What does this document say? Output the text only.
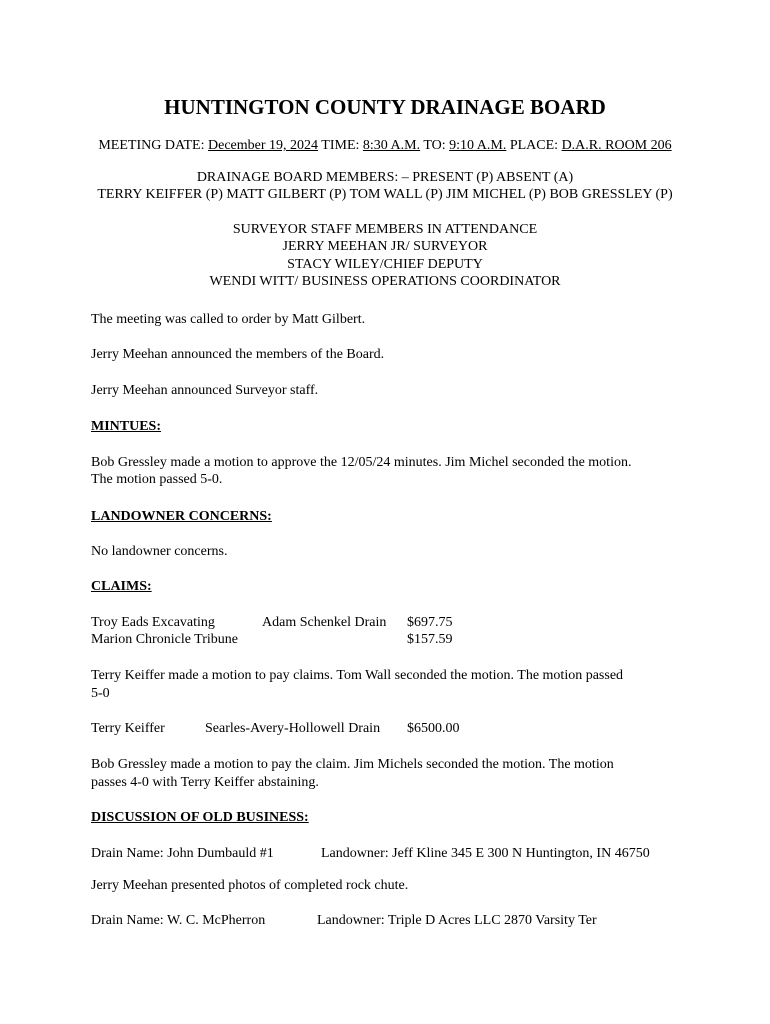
HUNTINGTON COUNTY DRAINAGE BOARD
MEETING DATE: December 19, 2024 TIME: 8:30 A.M. TO: 9:10 A.M. PLACE: D.A.R. ROOM 206
DRAINAGE BOARD MEMBERS: – PRESENT (P) ABSENT (A)
TERRY KEIFFER (P) MATT GILBERT (P) TOM WALL (P) JIM MICHEL (P) BOB GRESSLEY (P)
SURVEYOR STAFF MEMBERS IN ATTENDANCE
JERRY MEEHAN JR/ SURVEYOR
STACY WILEY/CHIEF DEPUTY
WENDI WITT/ BUSINESS OPERATIONS COORDINATOR
The meeting was called to order by Matt Gilbert.
Jerry Meehan announced the members of the Board.
Jerry Meehan announced Surveyor staff.
MINTUES:
Bob Gressley made a motion to approve the 12/05/24 minutes. Jim Michel seconded the motion.
The motion passed 5-0.
LANDOWNER CONCERNS:
No landowner concerns.
CLAIMS:
Troy Eads Excavating	Adam Schenkel Drain $697.75
Marion Chronicle Tribune	$157.59
Terry Keiffer made a motion to pay claims. Tom Wall seconded the motion. The motion passed
5-0
Terry Keiffer	Searles-Avery-Hollowell Drain $6500.00
Bob Gressley made a motion to pay the claim. Jim Michels seconded the motion. The motion
passes 4-0 with Terry Keiffer abstaining.
DISCUSSION OF OLD BUSINESS:
Drain Name: John Dumbauld #1	Landowner: Jeff Kline 345 E 300 N Huntington, IN 46750
Jerry Meehan presented photos of completed rock chute.
Drain Name: W. C. McPherron	Landowner: Triple D Acres LLC 2870 Varsity Ter
